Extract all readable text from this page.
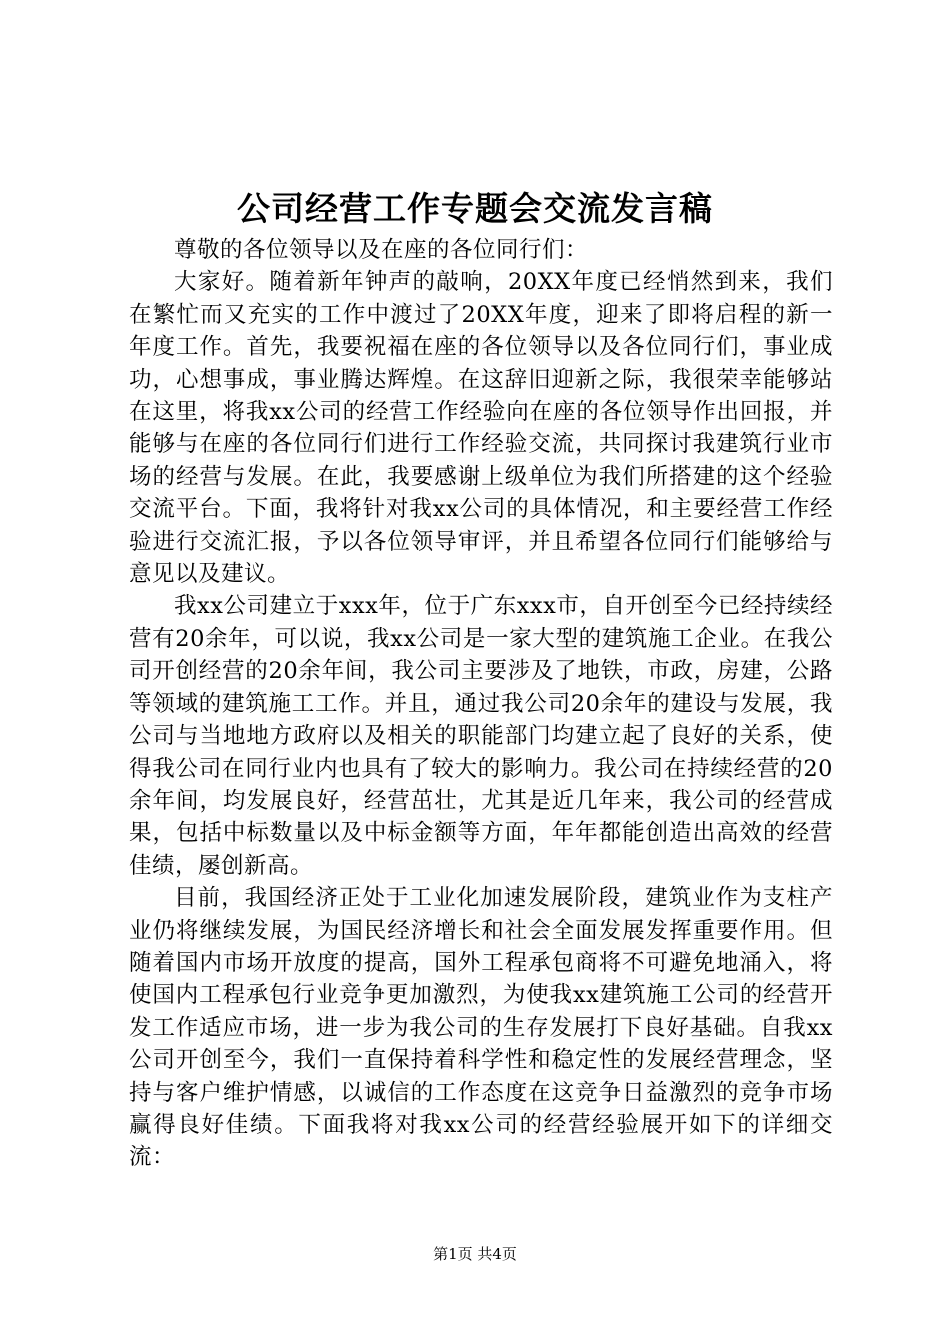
公司经营工作专题会交流发言稿

尊敬的各位领导以及在座的各位同行们：

大家好。随着新年钟声的敲响，20XX年度已经悄然到来，我们在繁忙而又充实的工作中渡过了20XX年度，迎来了即将启程的新一年度工作。首先，我要祝福在座的各位领导以及各位同行们，事业成功，心想事成，事业腾达辉煌。在这辞旧迎新之际，我很荣幸能够站在这里，将我xx公司的经营工作经验向在座的各位领导作出回报，并能够与在座的各位同行们进行工作经验交流，共同探讨我建筑行业市场的经营与发展。在此，我要感谢上级单位为我们所搭建的这个经验交流平台。下面，我将针对我xx公司的具体情况，和主要经营工作经验进行交流汇报，予以各位领导审评，并且希望各位同行们能够给与意见以及建议。

我xx公司建立于xxx年，位于广东xxx市，自开创至今已经持续经营有20余年，可以说，我xx公司是一家大型的建筑施工企业。在我公司开创经营的20余年间，我公司主要涉及了地铁，市政，房建，公路等领域的建筑施工工作。并且，通过我公司20余年的建设与发展，我公司与当地地方政府以及相关的职能部门均建立起了良好的关系，使得我公司在同行业内也具有了较大的影响力。我公司在持续经营的20余年间，均发展良好，经营茁壮，尤其是近几年来，我公司的经营成果，包括中标数量以及中标金额等方面，年年都能创造出高效的经营佳绩，屡创新高。

目前，我国经济正处于工业化加速发展阶段，建筑业作为支柱产业仍将继续发展，为国民经济增长和社会全面发展发挥重要作用。但随着国内市场开放度的提高，国外工程承包商将不可避免地涌入，将使国内工程承包行业竞争更加激烈，为使我xx建筑施工公司的经营开发工作适应市场，进一步为我公司的生存发展打下良好基础。自我xx公司开创至今，我们一直保持着科学性和稳定性的发展经营理念，坚持与客户维护情感，以诚信的工作态度在这竞争日益激烈的竞争市场赢得良好佳绩。下面我将对我xx公司的经营经验展开如下的详细交流：

第1页 共4页
